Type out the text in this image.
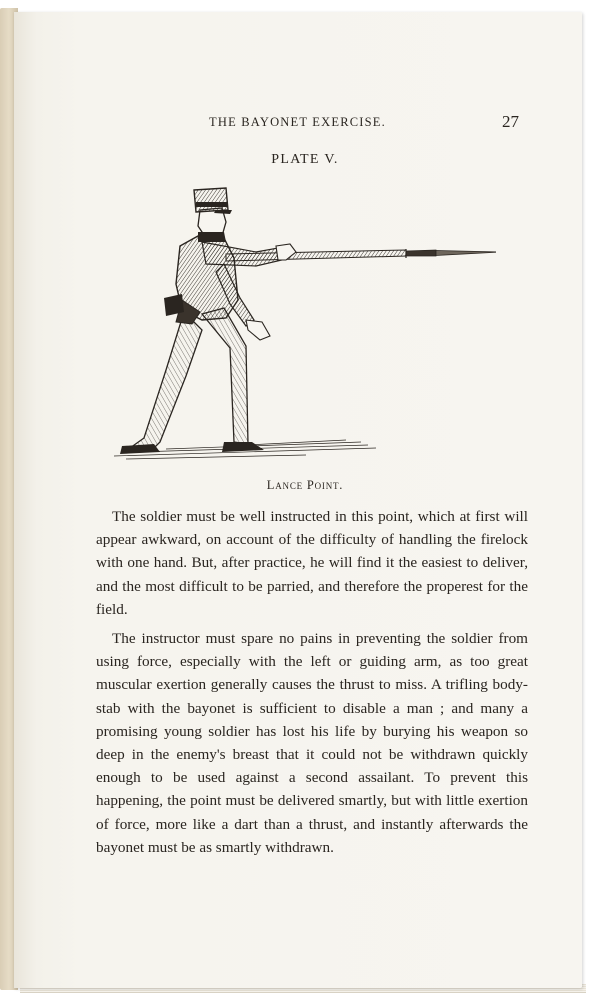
THE BAYONET EXERCISE.	27
PLATE V.
Lance Point.

The soldier must be well instructed in this point, which at first will appear awkward, on account of the difficulty of handling the firelock with one hand. But, after practice, he will find it the easiest to deliver, and the most difficult to be parried, and therefore the properest for the field.

The instructor must spare no pains in preventing the soldier from using force, especially with the left or guiding arm, as too great muscular exertion generally causes the thrust to miss. A trifling body-stab with the bayonet is sufficient to disable a man ; and many a promising young soldier has lost his life by burying his weapon so deep in the enemy's breast that it could not be withdrawn quickly enough to be used against a second assailant. To prevent this happening, the point must be delivered smartly, but with little exertion of force, more like a dart than a thrust, and instantly afterwards the bayonet must be as smartly withdrawn.
